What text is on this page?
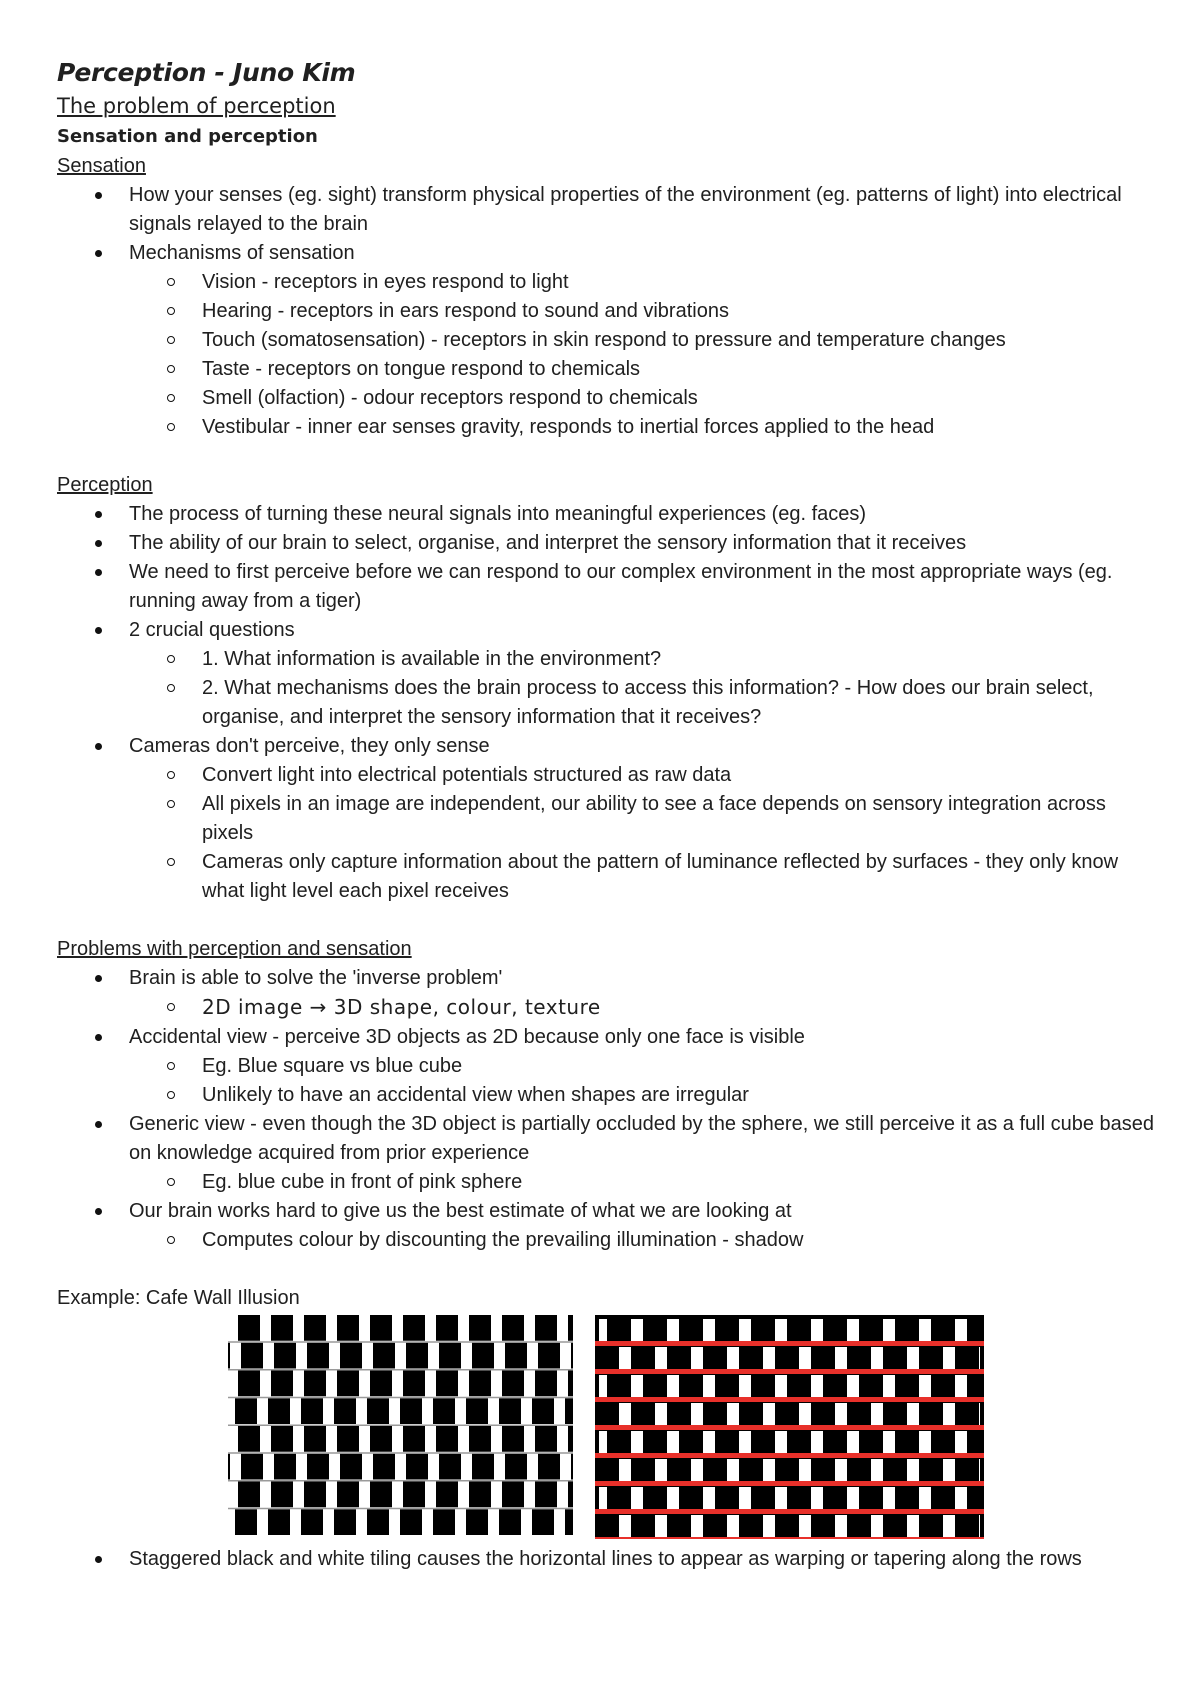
Perception - Juno Kim

The problem of perception

Sensation and perception

Sensation

How your senses (eg. sight) transform physical properties of the environment (eg. patterns of light) into electrical signals relayed to the brain
Mechanisms of sensation
Vision - receptors in eyes respond to light
Hearing - receptors in ears respond to sound and vibrations
Touch (somatosensation) - receptors in skin respond to pressure and temperature changes
Taste - receptors on tongue respond to chemicals
Smell (olfaction) - odour receptors respond to chemicals
Vestibular - inner ear senses gravity, responds to inertial forces applied to the head

Perception

The process of turning these neural signals into meaningful experiences (eg. faces)
The ability of our brain to select, organise, and interpret the sensory information that it receives
We need to first perceive before we can respond to our complex environment in the most appropriate ways (eg. running away from a tiger)
2 crucial questions
1. What information is available in the environment?
2. What mechanisms does the brain process to access this information? - How does our brain select, organise, and interpret the sensory information that it receives?
Cameras don't perceive, they only sense
Convert light into electrical potentials structured as raw data
All pixels in an image are independent, our ability to see a face depends on sensory integration across pixels
Cameras only capture information about the pattern of luminance reflected by surfaces - they only know what light level each pixel receives

Problems with perception and sensation

Brain is able to solve the 'inverse problem'
2D image → 3D shape, colour, texture
Accidental view - perceive 3D objects as 2D because only one face is visible
Eg. Blue square vs blue cube
Unlikely to have an accidental view when shapes are irregular
Generic view - even though the 3D object is partially occluded by the sphere, we still perceive it as a full cube based on knowledge acquired from prior experience
Eg. blue cube in front of pink sphere
Our brain works hard to give us the best estimate of what we are looking at
Computes colour by discounting the prevailing illumination - shadow

Example: Cafe Wall Illusion

Staggered black and white tiling causes the horizontal lines to appear as warping or tapering along the rows
